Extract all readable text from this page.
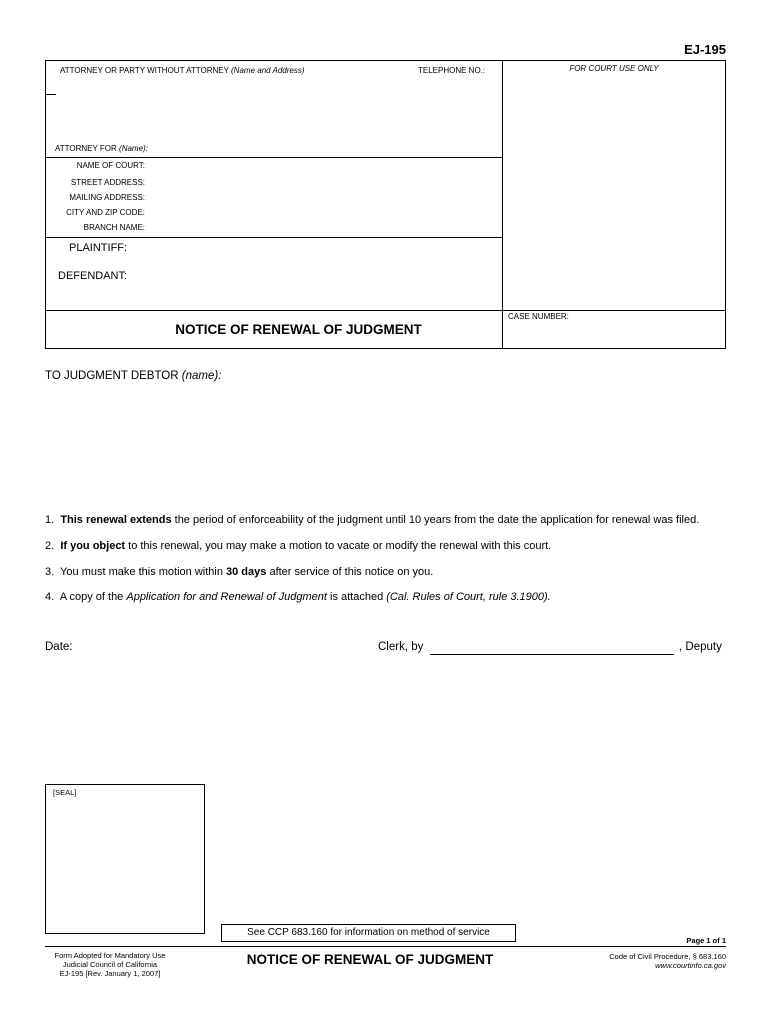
EJ-195
ATTORNEY OR PARTY WITHOUT ATTORNEY (Name and Address)	TELEPHONE NO.:	FOR COURT USE ONLY
ATTORNEY FOR (Name):
NAME OF COURT:
STREET ADDRESS:
MAILING ADDRESS:
CITY AND ZIP CODE:
BRANCH NAME:
PLAINTIFF:
DEFENDANT:
NOTICE OF RENEWAL OF JUDGMENT
CASE NUMBER:
TO JUDGMENT DEBTOR (name):
1. This renewal extends the period of enforceability of the judgment until 10 years from the date the application for renewal was filed.
2. If you object to this renewal, you may make a motion to vacate or modify the renewal with this court.
3. You must make this motion within 30 days after service of this notice on you.
4. A copy of the Application for and Renewal of Judgment is attached (Cal. Rules of Court, rule 3.1900).
Date:	Clerk, by	, Deputy
[SEAL]
See CCP 683.160 for information on method of service
Page 1 of 1
Form Adopted for Mandatory Use
Judicial Council of California
EJ-195 [Rev. January 1, 2007]
NOTICE OF RENEWAL OF JUDGMENT	Code of Civil Procedure, § 683.160
www.courtinfo.ca.gov
